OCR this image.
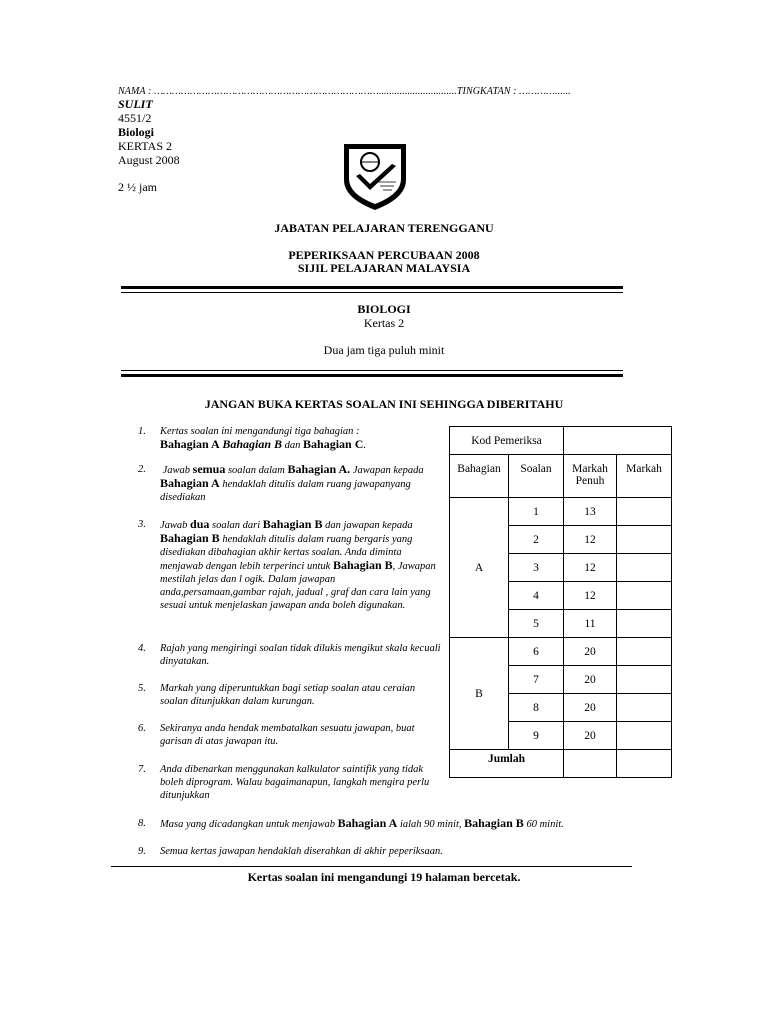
NAMA : …………………………………………………………………..............................TINGKATAN : …………......
SULIT
4551/2
Biologi
KERTAS 2
August 2008
2 ½ jam
JABATAN PELAJARAN TERENGGANU
PEPERIKSAAN PERCUBAAN 2008
SIJIL PELAJARAN MALAYSIA
BIOLOGI
Kertas 2
Dua jam tiga puluh minit
JANGAN BUKA KERTAS SOALAN INI SEHINGGA DIBERITAHU
1. Kertas soalan ini mengandungi tiga bahagian :
Bahagian A Bahagian B dan Bahagian C.
2. Jawab semua soalan dalam Bahagian A. Jawapan kepada Bahagian A hendaklah ditulis dalam ruang jawapanyang disediakan
3. Jawab dua soalan dari Bahagian B dan jawapan kepada Bahagian B hendaklah ditulis dalam ruang bergaris yang disediakan dibahagian akhir kertas soalan. Anda diminta menjawab dengan lebih terperinci untuk Bahagian B, Jawapan mestilah jelas dan l ogik. Dalam jawapan anda,persamaan,gambar rajah, jadual , graf dan cara lain yang sesuai untuk menjelaskan jawapan anda boleh digunakan.
4. Rajah yang mengiringi soalan tidak dilukis mengikut skala kecuali dinyatakan.
5. Markah yang diperuntukkan bagi setiap soalan atau ceraian soalan ditunjukkan dalam kurungan.
6. Sekiranya anda hendak membatalkan sesuatu jawapan, buat garisan di atas jawapan itu.
7. Anda dibenarkan menggunakan kalkulator saintifik yang tidak boleh diprogram. Walau bagaimanapun, langkah mengira perlu ditunjukkan
8. Masa yang dicadangkan untuk menjawab Bahagian A ialah 90 minit, Bahagian B 60 minit.
9. Semua kertas jawapan hendaklah diserahkan di akhir peperiksaan.
Kod Pemeriksa			
Bahagian	Soalan	Markah Penuh	Markah
A	1	13	
	2	12	
	3	12	
	4	12	
	5	11	
B	6	20	
	7	20	
	8	20	
	9	20	
Jumlah			
Kertas soalan ini mengandungi 19 halaman bercetak.
